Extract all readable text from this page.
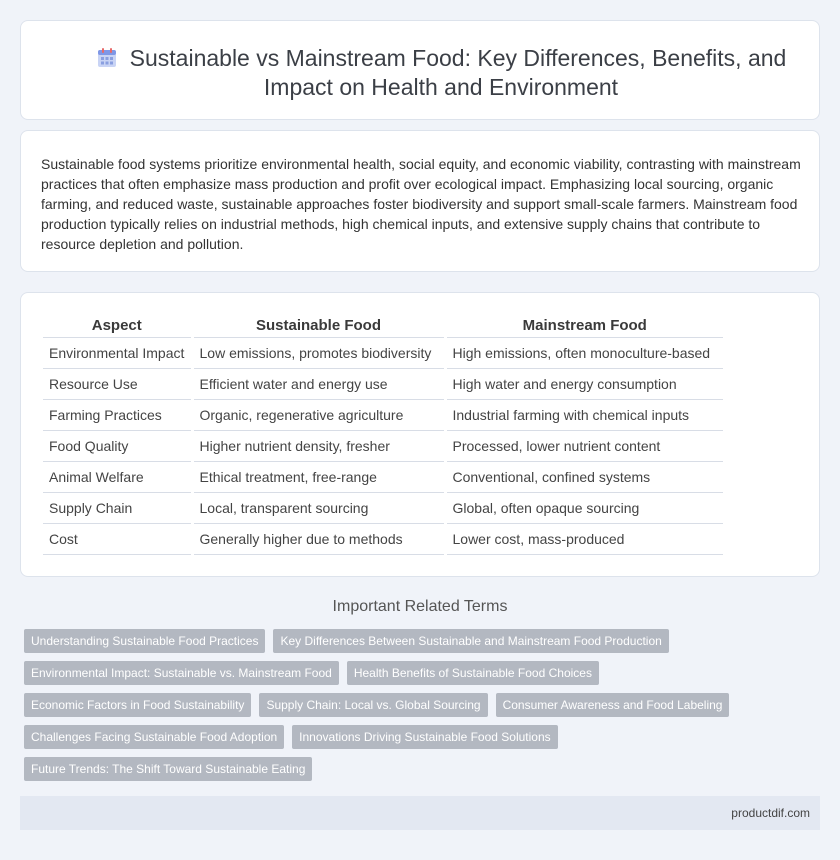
Sustainable vs Mainstream Food: Key Differences, Benefits, and Impact on Health and Environment

Sustainable food systems prioritize environmental health, social equity, and economic viability, contrasting with mainstream practices that often emphasize mass production and profit over ecological impact. Emphasizing local sourcing, organic farming, and reduced waste, sustainable approaches foster biodiversity and support small-scale farmers. Mainstream food production typically relies on industrial methods, high chemical inputs, and extensive supply chains that contribute to resource depletion and pollution.

Aspect	Sustainable Food	Mainstream Food
Environmental Impact	Low emissions, promotes biodiversity	High emissions, often monoculture-based
Resource Use	Efficient water and energy use	High water and energy consumption
Farming Practices	Organic, regenerative agriculture	Industrial farming with chemical inputs
Food Quality	Higher nutrient density, fresher	Processed, lower nutrient content
Animal Welfare	Ethical treatment, free-range	Conventional, confined systems
Supply Chain	Local, transparent sourcing	Global, often opaque sourcing
Cost	Generally higher due to methods	Lower cost, mass-produced
Important Related Terms
Understanding Sustainable Food Practices	Key Differences Between Sustainable and Mainstream Food Production
Environmental Impact: Sustainable vs. Mainstream Food	Health Benefits of Sustainable Food Choices
Economic Factors in Food Sustainability	Supply Chain: Local vs. Global Sourcing	Consumer Awareness and Food Labeling
Challenges Facing Sustainable Food Adoption	Innovations Driving Sustainable Food Solutions
Future Trends: The Shift Toward Sustainable Eating
productdif.com
